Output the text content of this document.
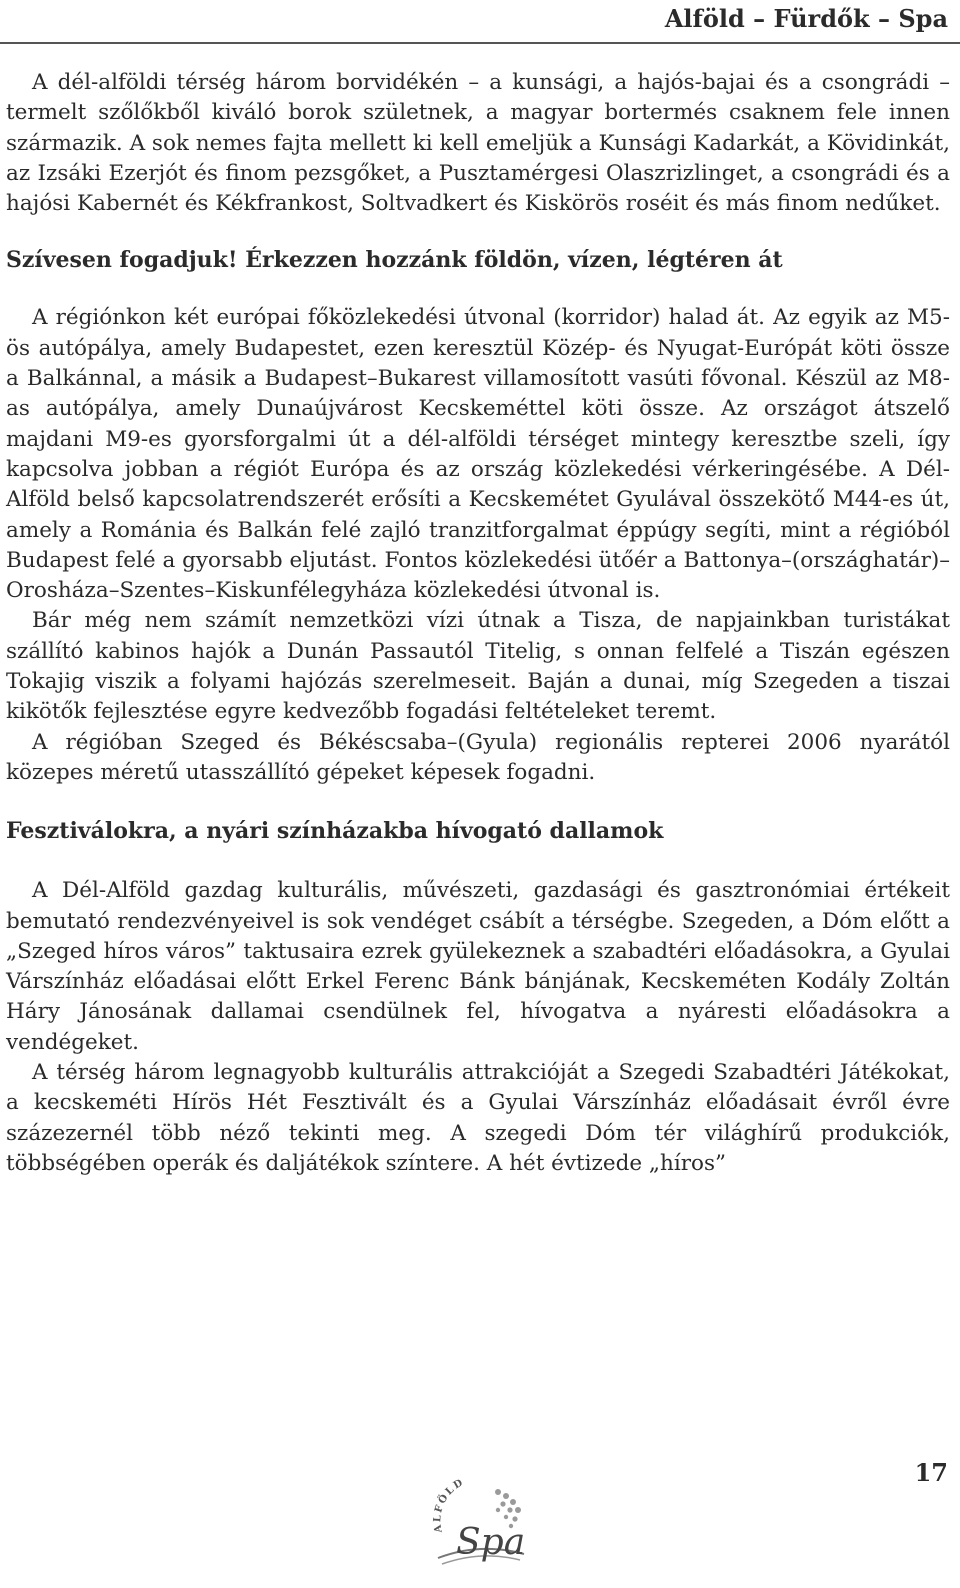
Alföld – Fürdők – Spa

A dél-alföldi térség három borvidékén – a kunsági, a hajós-bajai és a csongrádi – termelt szőlőkből kiváló borok születnek, a magyar bortermés csaknem fele innen származik. A sok nemes fajta mellett ki kell emeljük a Kunsági Kadarkát, a Kövidinkát, az Izsáki Ezerjót és finom pezsgőket, a Pusztamérgesi Olaszrizlinget, a csongrádi és a hajósi Kabernét és Kékfrankost, Soltvadkert és Kiskörös roséit és más finom nedűket.

Szívesen fogadjuk! Érkezzen hozzánk földön, vízen, légtéren át

A régiónkon két európai főközlekedési útvonal (korridor) halad át. Az egyik az M5-ös autópálya, amely Budapestet, ezen keresztül Közép- és Nyugat-Európát köti össze a Balkánnal, a másik a Budapest–Bukarest villamosított vasúti fővonal. Készül az M8-as autópálya, amely Dunaújvárost Kecskeméttel köti össze. Az országot átszelő majdani M9-es gyorsforgalmi út a dél-alföldi térséget mintegy keresztbe szeli, így kapcsolva jobban a régiót Európa és az ország közlekedési vérkeringésébe. A Dél-Alföld belső kapcsolatrendszerét erősíti a Kecskemétet Gyulával összekötő M44-es út, amely a Románia és Balkán felé zajló tranzitforgalmat éppúgy segíti, mint a régióból Budapest felé a gyorsabb eljutást. Fontos közlekedési ütőér a Battonya–(országhatár)–Orosháza–Szentes–Kiskunfélegyháza közlekedési útvonal is.

Bár még nem számít nemzetközi vízi útnak a Tisza, de napjainkban turistákat szállító kabinos hajók a Dunán Passautól Titelig, s onnan felfelé a Tiszán egészen Tokajig viszik a folyami hajózás szerelmeseit. Baján a dunai, míg Szegeden a tiszai kikötők fejlesztése egyre kedvezőbb fogadási feltételeket teremt.

A régióban Szeged és Békéscsaba–(Gyula) regionális repterei 2006 nyarától közepes méretű utasszállító gépeket képesek fogadni.

Fesztiválokra, a nyári színházakba hívogató dallamok

A Dél-Alföld gazdag kulturális, művészeti, gazdasági és gasztronómiai értékeit bemutató rendezvényeivel is sok vendéget csábít a térségbe. Szegeden, a Dóm előtt a „Szeged híros város” taktusaira ezrek gyülekeznek a szabadtéri előadásokra, a Gyulai Várszínház előadásai előtt Erkel Ferenc Bánk bánjának, Kecskeméten Kodály Zoltán Háry Jánosának dallamai csendülnek fel, hívogatva a nyáresti előadásokra a vendégeket.

A térség három legnagyobb kulturális attrakcióját a Szegedi Szabadtéri Játékokat, a kecskeméti Hírös Hét Fesztivált és a Gyulai Várszínház előadásait évről évre százezernél több néző tekinti meg. A szegedi Dóm tér világhírű produkciók, többségében operák és daljátékok színtere. A hét évtizede „híros”

17
ALFÖLD
Spa
